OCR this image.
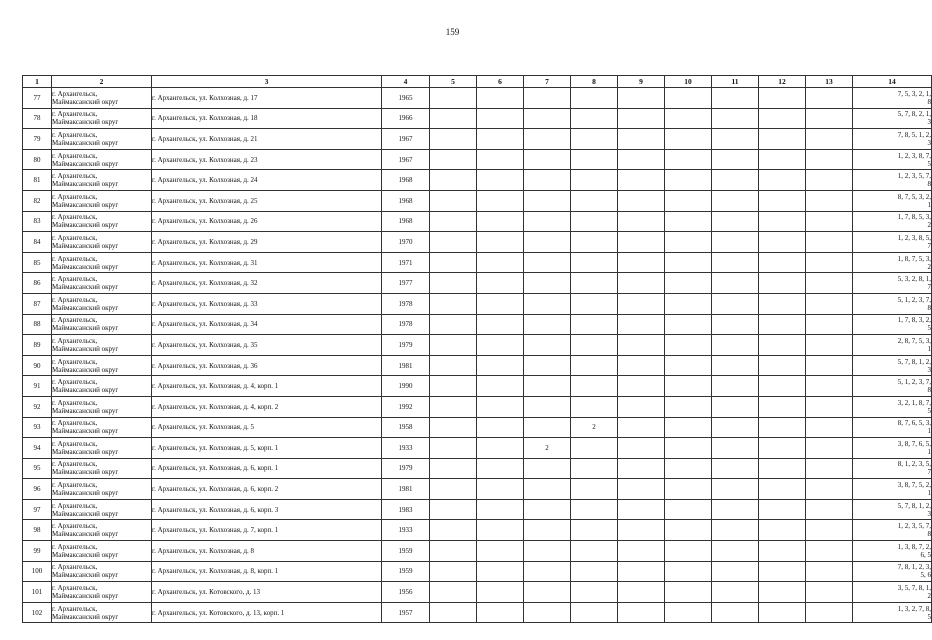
159
1	2	3	4	5	6	7	8	9	10	11	12	13	14
77	г. Архангельск,
Маймаксанский округ	г. Архангельск, ул. Колхозная, д. 17	1965										7, 5, 3, 2, 1,
8

78	г. Архангельск,
Маймаксанский округ	г. Архангельск, ул. Колхозная, д. 18	1966										5, 7, 8, 2, 1,
3

79	г. Архангельск,
Маймаксанский округ	г. Архангельск, ул. Колхозная, д. 21	1967										7, 8, 5, 1, 2,
3

80	г. Архангельск,
Маймаксанский округ	г. Архангельск, ул. Колхозная, д. 23	1967										1, 2, 3, 8, 7,
5

81	г. Архангельск,
Маймаксанский округ	г. Архангельск, ул. Колхозная, д. 24	1968										1, 2, 3, 5, 7,
8

82	г. Архангельск,
Маймаксанский округ	г. Архангельск, ул. Колхозная, д. 25	1968										8, 7, 5, 3, 2,
1

83	г. Архангельск,
Маймаксанский округ	г. Архангельск, ул. Колхозная, д. 26	1968										1, 7, 8, 5, 3,
2

84	г. Архангельск,
Маймаксанский округ	г. Архангельск, ул. Колхозная, д. 29	1970										1, 2, 3, 8, 5,
7

85	г. Архангельск,
Маймаксанский округ	г. Архангельск, ул. Колхозная, д. 31	1971										1, 8, 7, 5, 3,
2

86	г. Архангельск,
Маймаксанский округ	г. Архангельск, ул. Колхозная, д. 32	1977										5, 3, 2, 8, 1,
7

87	г. Архангельск,
Маймаксанский округ	г. Архангельск, ул. Колхозная, д. 33	1978										5, 1, 2, 3, 7,
8

88	г. Архангельск,
Маймаксанский округ	г. Архангельск, ул. Колхозная, д. 34	1978										1, 7, 8, 3, 2,
5

89	г. Архангельск,
Маймаксанский округ	г. Архангельск, ул. Колхозная, д. 35	1979										2, 8, 7, 5, 3,
1

90	г. Архангельск,
Маймаксанский округ	г. Архангельск, ул. Колхозная, д. 36	1981										5, 7, 8, 1, 2,
3

91	г. Архангельск,
Маймаксанский округ	г. Архангельск, ул. Колхозная, д. 4, корп. 1	1990										5, 1, 2, 3, 7,
8

92	г. Архангельск,
Маймаксанский округ	г. Архангельск, ул. Колхозная, д. 4, корп. 2	1992										3, 2, 1, 8, 7,
5

93	г. Архангельск,
Маймаксанский округ	г. Архангельск, ул. Колхозная, д. 5	1958				2						8, 7, 6, 5, 3,
1

94	г. Архангельск,
Маймаксанский округ	г. Архангельск, ул. Колхозная, д. 5, корп. 1	1933			2							3, 8, 7, 6, 5,
1

95	г. Архангельск,
Маймаксанский округ	г. Архангельск, ул. Колхозная, д. 6, корп. 1	1979										8, 1, 2, 3, 5,
7

96	г. Архангельск,
Маймаксанский округ	г. Архангельск, ул. Колхозная, д. 6, корп. 2	1981										3, 8, 7, 5, 2,
1

97	г. Архангельск,
Маймаксанский округ	г. Архангельск, ул. Колхозная, д. 6, корп. 3	1983										5, 7, 8, 1, 2,
3

98	г. Архангельск,
Маймаксанский округ	г. Архангельск, ул. Колхозная, д. 7, корп. 1	1933										1, 2, 3, 5, 7,
8

99	г. Архангельск,
Маймаксанский округ	г. Архангельск, ул. Колхозная, д. 8	1959										1, 3, 8, 7, 2,
6, 5

100	г. Архангельск,
Маймаксанский округ	г. Архангельск, ул. Колхозная, д. 8, корп. 1	1959										7, 8, 1, 2, 3,
5, 6

101	г. Архангельск,
Маймаксанский округ	г. Архангельск, ул. Котовского, д. 13	1956										3, 5, 7, 8, 1,
2

102	г. Архангельск,
Маймаксанский округ	г. Архангельск, ул. Котовского, д. 13, корп. 1	1957										1, 3, 2, 7, 8,
5
